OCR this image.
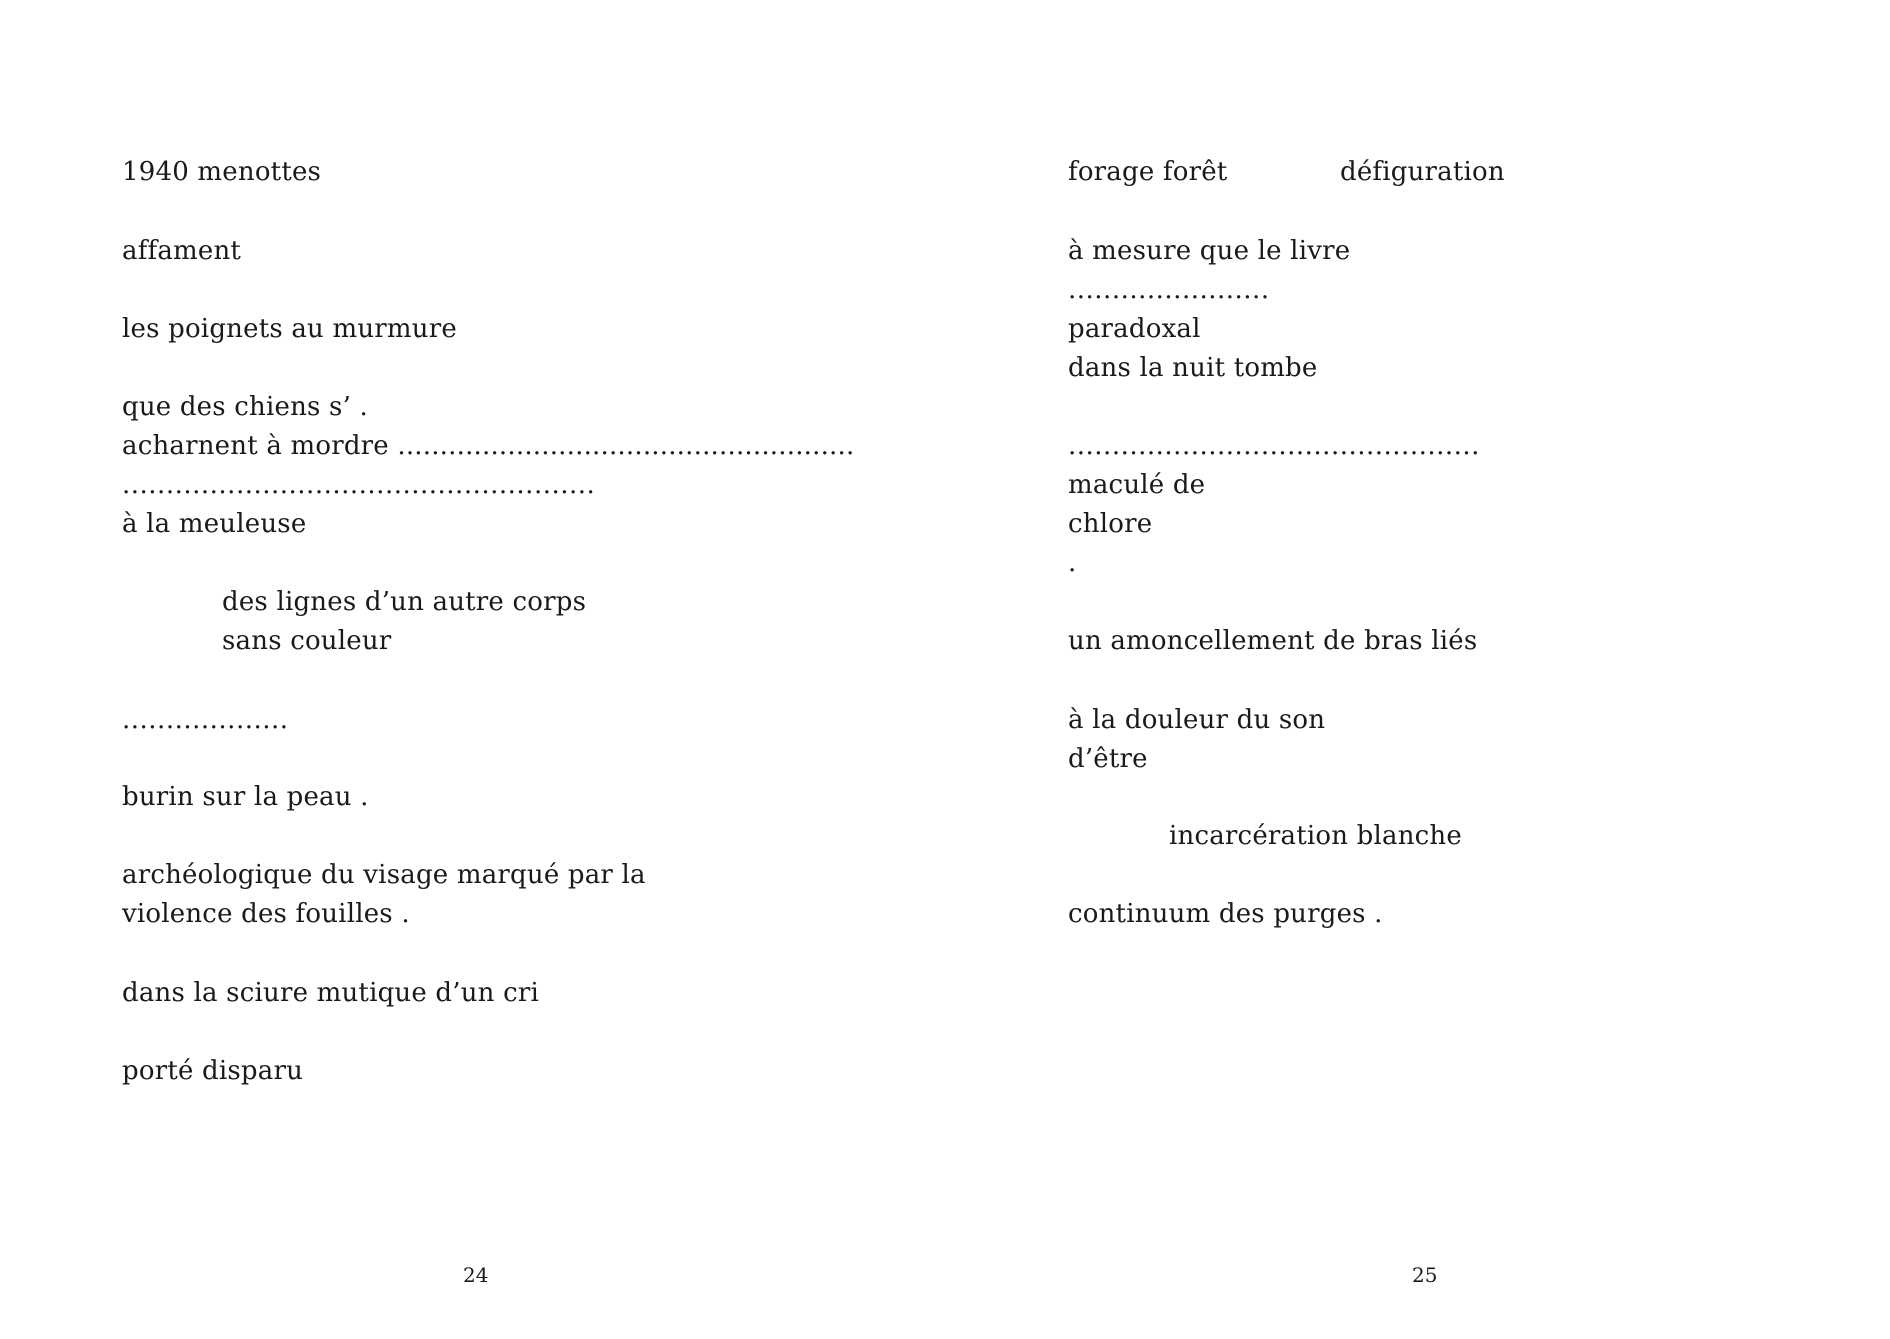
1940 menottes
affament
les poignets au murmure
que des chiens s’ .
acharnent à mordre ......................................................
......................................................
à la meuleuse
des lignes d’un autre corps
sans couleur
...................
burin sur la peau .
archéologique du visage marqué par la
violence des fouilles .
dans la sciure mutique d’un cri
porté disparu
24
forage forêt	défiguration
à mesure que le livre
.......................
paradoxal
dans la nuit tombe
...............................................
maculé de
chlore
.
un amoncellement de bras liés
à la douleur du son
d’être
incarcération blanche
continuum des purges .
25
